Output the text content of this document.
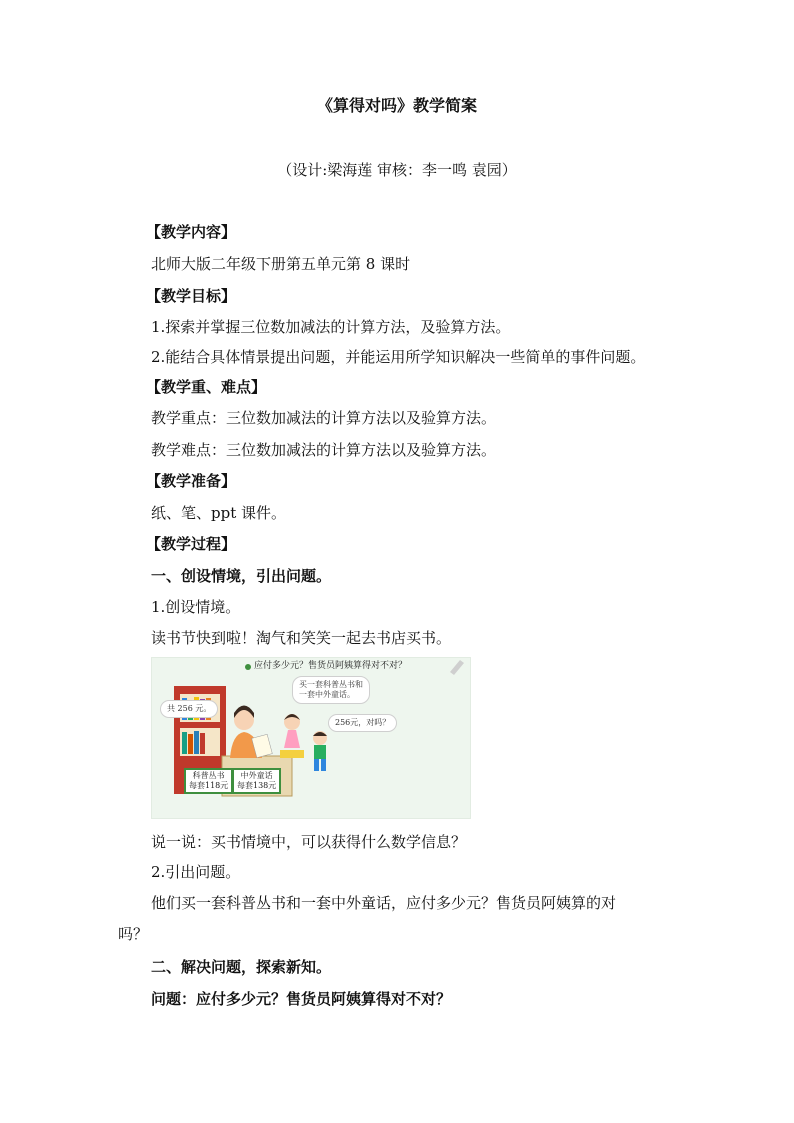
《算得对吗》教学简案
（设计:梁海莲 审核：李一鸣 袁园）
【教学内容】
北师大版二年级下册第五单元第 8 课时
【教学目标】
1.探索并掌握三位数加减法的计算方法，及验算方法。
2.能结合具体情景提出问题，并能运用所学知识解决一些简单的事件问题。
【教学重、难点】
教学重点：三位数加减法的计算方法以及验算方法。
教学难点：三位数加减法的计算方法以及验算方法。
【教学准备】
纸、笔、ppt 课件。
【教学过程】
一、创设情境，引出问题。
1.创设情境。
读书节快到啦！淘气和笑笑一起去书店买书。
应付多少元？售货员阿姨算得对不对？
共 256 元。
买一套科普丛书和
一套中外童话。
256元，对吗？
科普丛书
每套118元
中外童话
每套138元
说一说：买书情境中，可以获得什么数学信息？
2.引出问题。
他们买一套科普丛书和一套中外童话，应付多少元？售货员阿姨算的对
吗？
二、解决问题，探索新知。
问题：应付多少元？售货员阿姨算得对不对？
